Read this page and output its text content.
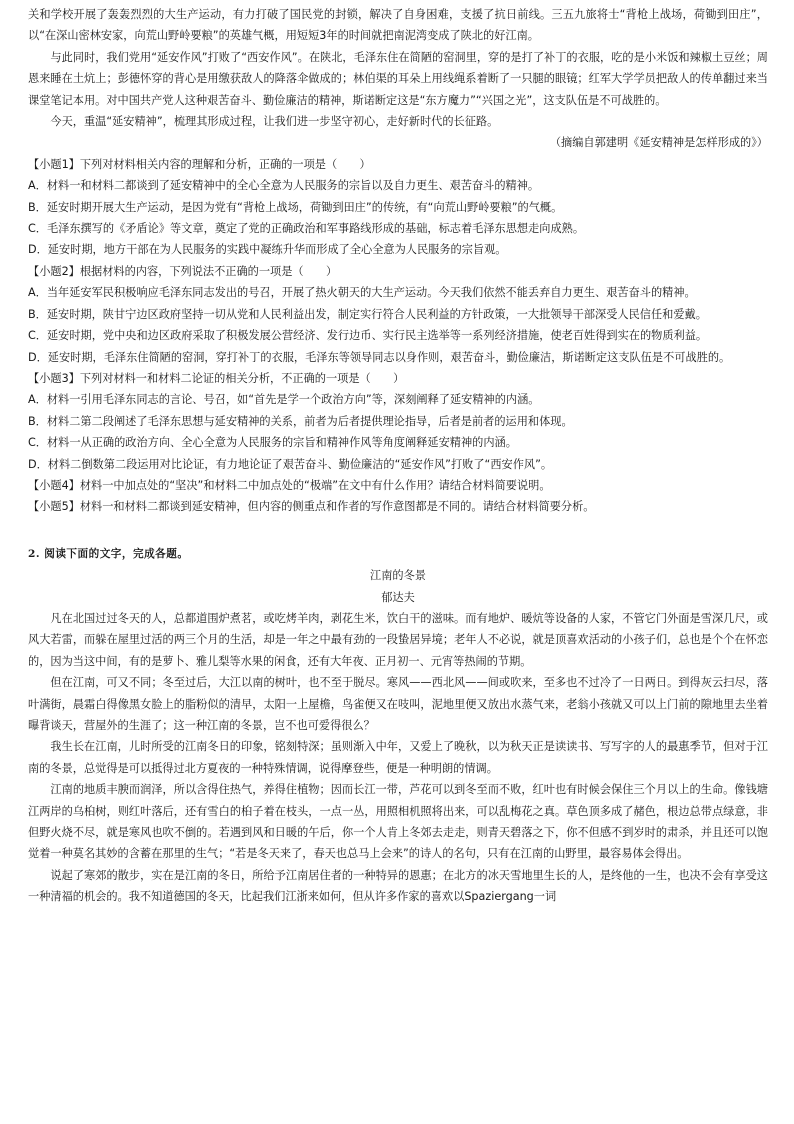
关和学校开展了轰轰烈烈的大生产运动，有力打破了国民党的封锁，解决了自身困难，支援了抗日前线。三五九旅将士“背枪上战场，荷锄到田庄”，以“在深山密林安家，向荒山野岭要粮”的英雄气概，用短短3年的时间就把南泥湾变成了陕北的好江南。

与此同时，我们党用“延安作风”打败了“西安作风”。在陕北，毛泽东住在简陋的窑洞里，穿的是打了补丁的衣服，吃的是小米饭和辣椒土豆丝；周恩来睡在土炕上；彭德怀穿的背心是用缴获敌人的降落伞做成的；林伯渠的耳朵上用线绳系着断了一只腿的眼镜；红军大学学员把敌人的传单翻过来当课堂笔记本用。对中国共产党人这种艰苦奋斗、勤俭廉洁的精神，斯诺断定这是“东方魔力”“兴国之光”，这支队伍是不可战胜的。

今天，重温“延安精神”，梳理其形成过程，让我们进一步坚守初心，走好新时代的长征路。

（摘编自郭建明《延安精神是怎样形成的》）

【小题1】下列对材料相关内容的理解和分析，正确的一项是（　　）

A．材料一和材料二都谈到了延安精神中的全心全意为人民服务的宗旨以及自力更生、艰苦奋斗的精神。

B．延安时期开展大生产运动，是因为党有“背枪上战场，荷锄到田庄”的传统，有“向荒山野岭要粮”的气概。

C．毛泽东撰写的《矛盾论》等文章，奠定了党的正确政治和军事路线形成的基础，标志着毛泽东思想走向成熟。

D．延安时期，地方干部在为人民服务的实践中凝练升华而形成了全心全意为人民服务的宗旨观。

【小题2】根据材料的内容，下列说法不正确的一项是（　　）

A．当年延安军民积极响应毛泽东同志发出的号召，开展了热火朝天的大生产运动。今天我们依然不能丢弃自力更生、艰苦奋斗的精神。

B．延安时期，陕甘宁边区政府坚持一切从党和人民利益出发，制定实行符合人民利益的方针政策，一大批领导干部深受人民信任和爱戴。

C．延安时期，党中央和边区政府采取了积极发展公营经济、发行边币、实行民主选举等一系列经济措施，使老百姓得到实在的物质利益。

D．延安时期，毛泽东住简陋的窑洞，穿打补丁的衣服，毛泽东等领导同志以身作则，艰苦奋斗，勤俭廉洁，斯诺断定这支队伍是不可战胜的。

【小题3】下列对材料一和材料二论证的相关分析，不正确的一项是（　　）

A．材料一引用毛泽东同志的言论、号召，如“首先是学一个政治方向”等，深刻阐释了延安精神的内涵。

B．材料二第二段阐述了毛泽东思想与延安精神的关系，前者为后者提供理论指导，后者是前者的运用和体现。

C．材料一从正确的政治方向、全心全意为人民服务的宗旨和精神作风等角度阐释延安精神的内涵。

D．材料二倒数第二段运用对比论证，有力地论证了艰苦奋斗、勤俭廉洁的“延安作风”打败了“西安作风”。

【小题4】材料一中加点处的“坚决”和材料二中加点处的“极端”在文中有什么作用？请结合材料简要说明。

【小题5】材料一和材料二都谈到延安精神，但内容的侧重点和作者的写作意图都是不同的。请结合材料简要分析。

2. 阅读下面的文字，完成各题。

江南的冬景

郁达夫

凡在北国过过冬天的人，总都道围炉煮茗，或吃烤羊肉，剥花生米，饮白干的滋味。而有地炉、暖炕等设备的人家，不管它门外面是雪深几尺，或风大若雷，而躲在屋里过活的两三个月的生活，却是一年之中最有劲的一段蛰居异境；老年人不必说，就是顶喜欢活动的小孩子们，总也是个个在怀恋的，因为当这中间，有的是萝卜、雅儿梨等水果的闲食，还有大年夜、正月初一、元宵等热闹的节期。

但在江南，可又不同；冬至过后，大江以南的树叶，也不至于脱尽。寒风——西北风——间或吹来，至多也不过冷了一日两日。到得灰云扫尽，落叶满街，晨霜白得像黑女脸上的脂粉似的清早，太阳一上屋檐，鸟雀便又在吱叫，泥地里便又放出水蒸气来，老翁小孩就又可以上门前的隙地里去坐着曝背谈天，营屋外的生涯了；这一种江南的冬景，岂不也可爱得很么？

我生长在江南，儿时所受的江南冬日的印象，铭刻特深；虽则渐入中年，又爱上了晚秋，以为秋天正是读读书、写写字的人的最惠季节，但对于江南的冬景，总觉得是可以抵得过北方夏夜的一种特殊情调，说得摩登些，便是一种明朗的情调。

江南的地质丰腴而润泽，所以含得住热气，养得住植物；因而长江一带，芦花可以到冬至而不败，红叶也有时候会保住三个月以上的生命。像钱塘江两岸的乌桕树，则红叶落后，还有雪白的桕子着在枝头，一点一丛，用照相机照将出来，可以乱梅花之真。草色顶多成了赭色，根边总带点绿意，非但野火烧不尽，就是寒风也吹不倒的。若遇到风和日暖的午后，你一个人肯上冬郊去走走，则青天碧落之下，你不但感不到岁时的肃杀，并且还可以饱觉着一种莫名其妙的含蓄在那里的生气；“若是冬天来了，春天也总马上会来”的诗人的名句，只有在江南的山野里，最容易体会得出。

说起了寒郊的散步，实在是江南的冬日，所给予江南居住者的一种特异的恩惠；在北方的冰天雪地里生长的人，是终他的一生，也决不会有享受这一种清福的机会的。我不知道德国的冬天，比起我们江浙来如何，但从许多作家的喜欢以Spaziergang一词
